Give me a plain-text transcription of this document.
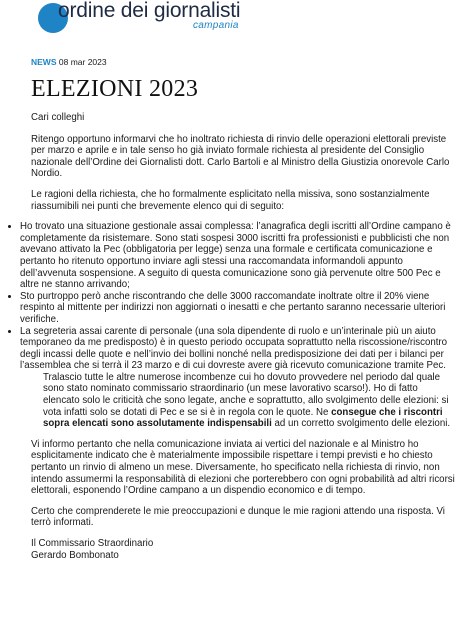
ordine dei giornalisti
campania
NEWS 08 mar 2023
ELEZIONI 2023

Cari colleghi

Ritengo opportuno informarvi che ho inoltrato richiesta di rinvio delle operazioni elettorali previste per marzo e aprile e in tale senso ho già inviato formale richiesta al presidente del Consiglio nazionale dell’Ordine dei Giornalisti dott. Carlo Bartoli e al Ministro della Giustizia onorevole Carlo Nordio.

Le ragioni della richiesta, che ho formalmente esplicitato nella missiva, sono sostanzialmente riassumibili nei punti che brevemente elenco qui di seguito:

• Ho trovato una situazione gestionale assai complessa: l’anagrafica degli iscritti all’Ordine campano è completamente da risistemare. Sono stati sospesi 3000 iscritti fra professionisti e pubblicisti che non avevano attivato la Pec (obbligatoria per legge) senza una formale e certificata comunicazione e pertanto ho ritenuto opportuno inviare agli stessi una raccomandata informandoli appunto dell’avvenuta sospensione. A seguito di questa comunicazione sono già pervenute oltre 500 Pec e altre ne stanno arrivando;
• Sto purtroppo però anche riscontrando che delle 3000 raccomandate inoltrate oltre il 20% viene respinto al mittente per indirizzi non aggiornati o inesatti e che pertanto saranno necessarie ulteriori verifiche.
• La segreteria assai carente di personale (una sola dipendente di ruolo e un’interinale più un aiuto temporaneo da me predisposto) è in questo periodo occupata soprattutto nella riscossione/riscontro degli incassi delle quote e nell’invio dei bollini nonché nella predisposizione dei dati per i bilanci per l’assemblea che si terrà il 23 marzo e di cui dovreste avere già ricevuto comunicazione tramite Pec.

Tralascio tutte le altre numerose incombenze cui ho dovuto provvedere nel periodo dal quale sono stato nominato commissario straordinario (un mese lavorativo scarso!). Ho di fatto elencato solo le criticità che sono legate, anche e soprattutto, allo svolgimento delle elezioni: si vota infatti solo se dotati di Pec e se si è in regola con le quote. Ne consegue che i riscontri sopra elencati sono assolutamente indispensabili ad un corretto svolgimento delle elezioni.

Vi informo pertanto che nella comunicazione inviata ai vertici del nazionale e al Ministro ho esplicitamente indicato che è materialmente impossibile rispettare i tempi previsti e ho chiesto pertanto un rinvio di almeno un mese. Diversamente, ho specificato nella richiesta di rinvio, non intendo assumermi la responsabilità di elezioni che porterebbero con ogni probabilità ad altri ricorsi elettorali, esponendo l’Ordine campano a un dispendio economico e di tempo.

Certo che comprenderete le mie preoccupazioni e dunque le mie ragioni attendo una risposta. Vi terrò informati.

Il Commissario Straordinario

Gerardo Bombonato
